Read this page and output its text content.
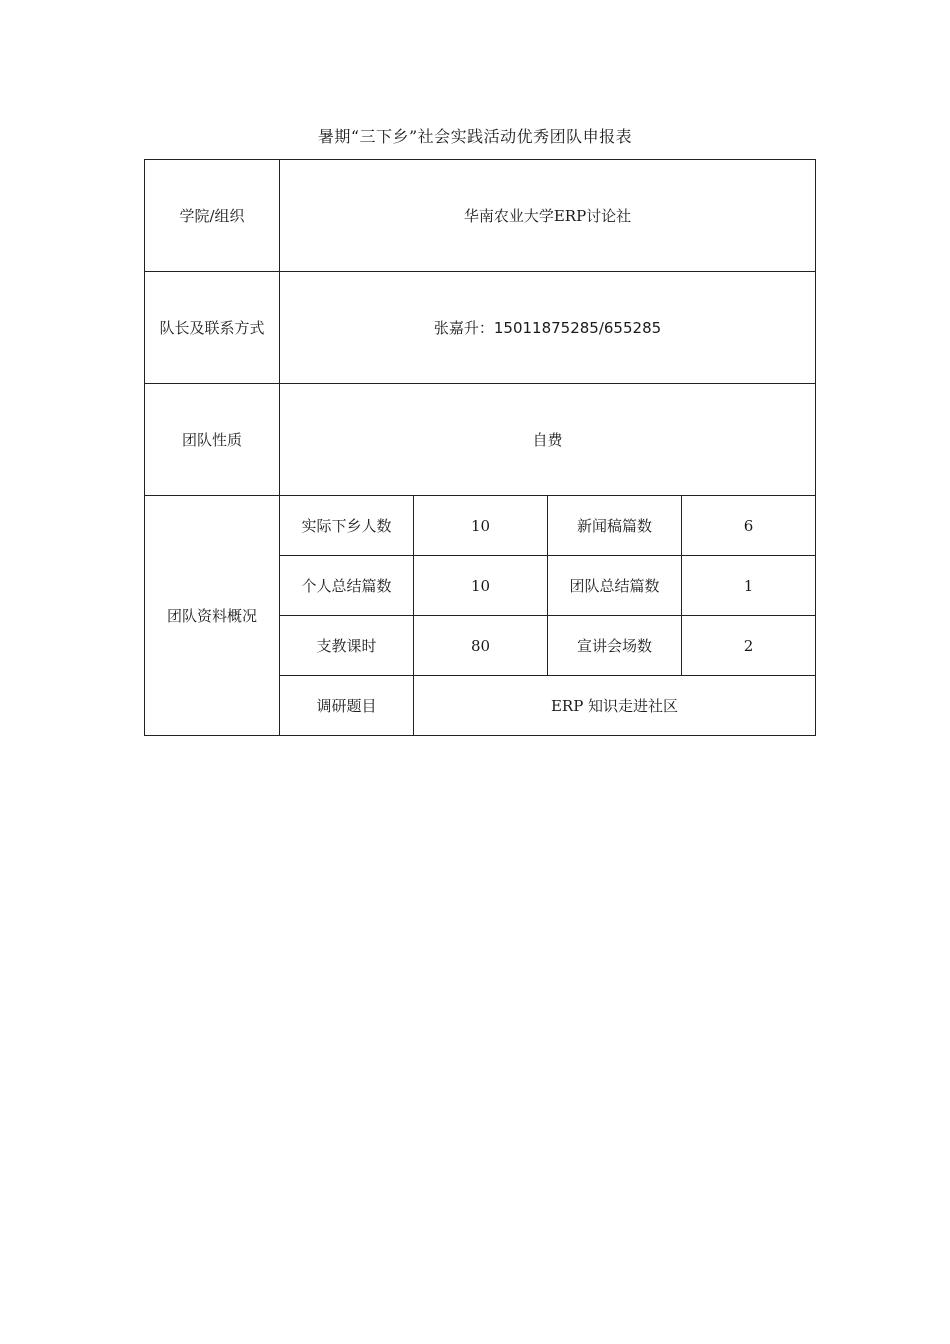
暑期“三下乡”社会实践活动优秀团队申报表
学院/组织	华南农业大学ERP讨论社			
队长及联系方式	张嘉升：15011875285/655285			
团队性质	自费			
团队资料概况	实际下乡人数	10	新闻稿篇数	6
	个人总结篇数	10	团队总结篇数	1
	支教课时	80	宣讲会场数	2
	调研题目	ERP 知识走进社区		
